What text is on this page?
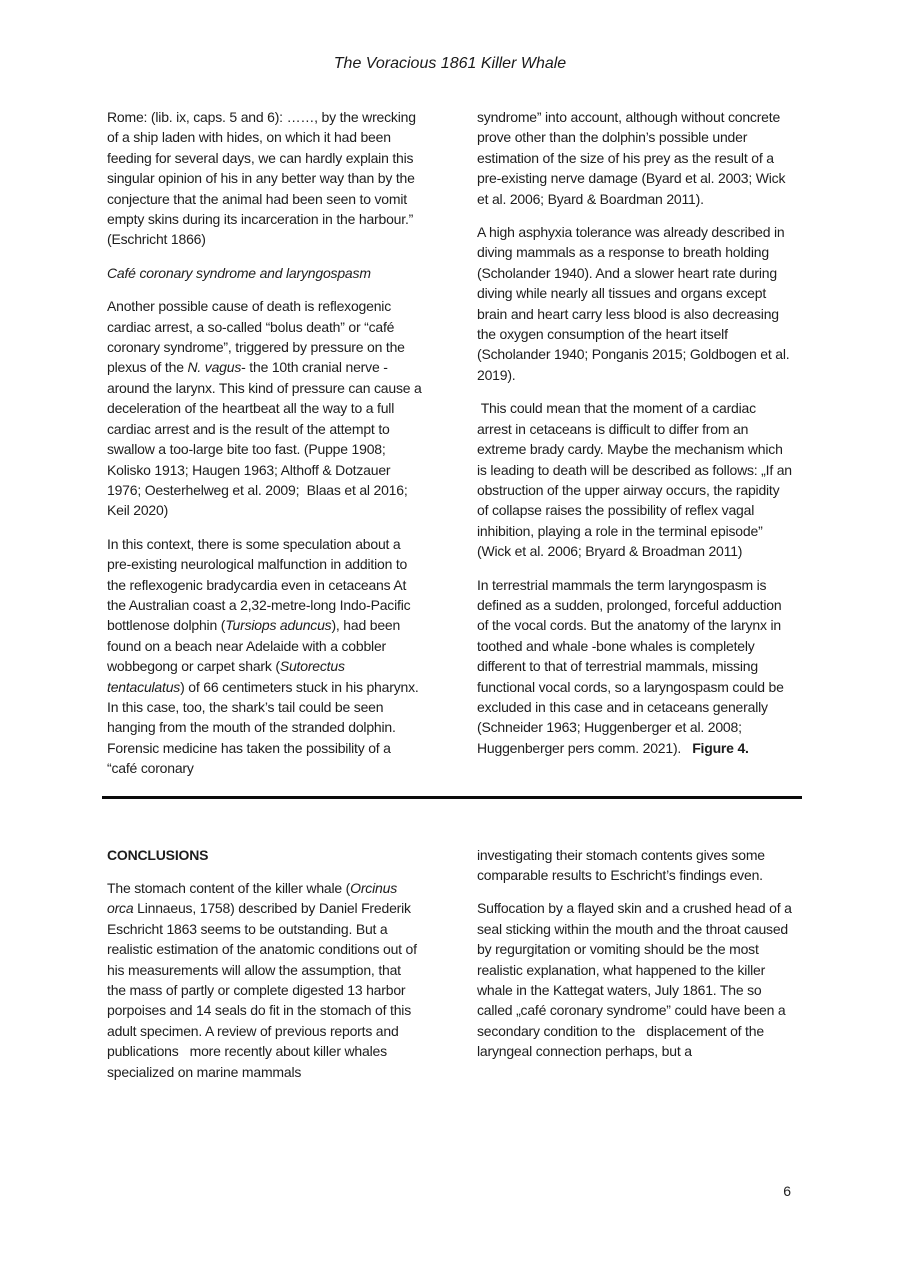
The Voracious 1861 Killer Whale
Rome: (lib. ix, caps. 5 and 6): ……, by the wrecking of a ship laden with hides, on which it had been feeding for several days, we can hardly explain this singular opinion of his in any better way than by the conjecture that the animal had been seen to vomit empty skins during its incarceration in the harbour.” (Eschricht 1866)
Café coronary syndrome and laryngospasm
Another possible cause of death is reflexogenic cardiac arrest, a so-called “bolus death” or “café coronary syndrome”, triggered by pressure on the plexus of the N. vagus- the 10th cranial nerve - around the larynx. This kind of pressure can cause a deceleration of the heartbeat all the way to a full cardiac arrest and is the result of the attempt to swallow a too-large bite too fast. (Puppe 1908; Kolisko 1913; Haugen 1963; Althoff & Dotzauer 1976; Oesterhelweg et al. 2009;  Blaas et al 2016; Keil 2020)
In this context, there is some speculation about a pre-existing neurological malfunction in addition to the reflexogenic bradycardia even in cetaceans At the Australian coast a 2,32-metre-long Indo-Pacific bottlenose dolphin (Tursiops aduncus), had been found on a beach near Adelaide with a cobbler wobbegong or carpet shark (Sutorectus tentaculatus) of 66 centimeters stuck in his pharynx. In this case, too, the shark’s tail could be seen hanging from the mouth of the stranded dolphin.  Forensic medicine has taken the possibility of a “café coronary
syndrome” into account, although without concrete prove other than the dolphin’s possible under estimation of the size of his prey as the result of a pre-existing nerve damage (Byard et al. 2003; Wick et al. 2006; Byard & Boardman 2011).
A high asphyxia tolerance was already described in diving mammals as a response to breath holding (Scholander 1940). And a slower heart rate during diving while nearly all tissues and organs except brain and heart carry less blood is also decreasing the oxygen consumption of the heart itself (Scholander 1940; Ponganis 2015; Goldbogen et al. 2019).
This could mean that the moment of a cardiac arrest in cetaceans is difficult to differ from an extreme brady cardy. Maybe the mechanism which is leading to death will be described as follows: „If an obstruction of the upper airway occurs, the rapidity of collapse raises the possibility of reflex vagal inhibition, playing a role in the terminal episode” (Wick et al. 2006; Bryard & Broadman 2011)
In terrestrial mammals the term laryngospasm is defined as a sudden, prolonged, forceful adduction of the vocal cords. But the anatomy of the larynx in toothed and whale -bone whales is completely different to that of terrestrial mammals, missing functional vocal cords, so a laryngospasm could be excluded in this case and in cetaceans generally (Schneider 1963; Huggenberger et al. 2008; Huggenberger pers comm. 2021).   Figure 4.
CONCLUSIONS
The stomach content of the killer whale (Orcinus orca Linnaeus, 1758) described by Daniel Frederik Eschricht 1863 seems to be outstanding. But a realistic estimation of the anatomic conditions out of his measurements will allow the assumption, that the mass of partly or complete digested 13 harbor porpoises and 14 seals do fit in the stomach of this adult specimen. A review of previous reports and publications   more recently about killer whales specialized on marine mammals
investigating their stomach contents gives some comparable results to Eschricht’s findings even.
Suffocation by a flayed skin and a crushed head of a seal sticking within the mouth and the throat caused by regurgitation or vomiting should be the most realistic explanation, what happened to the killer whale in the Kattegat waters, July 1861. The so called „café coronary syndrome” could have been a secondary condition to the   displacement of the laryngeal connection perhaps, but a
6
